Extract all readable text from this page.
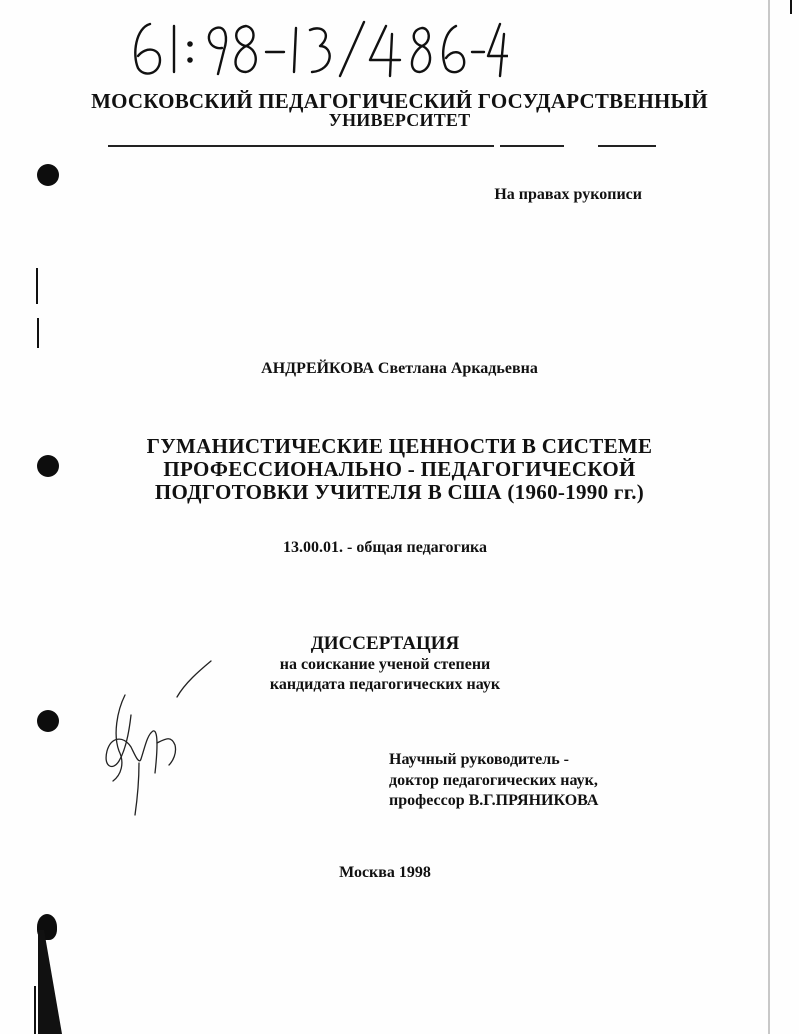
МОСКОВСКИЙ ПЕДАГОГИЧЕСКИЙ ГОСУДАРСТВЕННЫЙ
УНИВЕРСИТЕТ
На правах рукописи
АНДРЕЙКОВА Светлана Аркадьевна
ГУМАНИСТИЧЕСКИЕ ЦЕННОСТИ В СИСТЕМЕ
ПРОФЕССИОНАЛЬНО - ПЕДАГОГИЧЕСКОЙ
ПОДГОТОВКИ УЧИТЕЛЯ В США (1960-1990 гг.)
13.00.01. - общая педагогика
ДИССЕРТАЦИЯ
на соискание ученой степени
кандидата педагогических наук
Научный руководитель -
доктор педагогических наук,
профессор В.Г.ПРЯНИКОВА
Москва 1998
